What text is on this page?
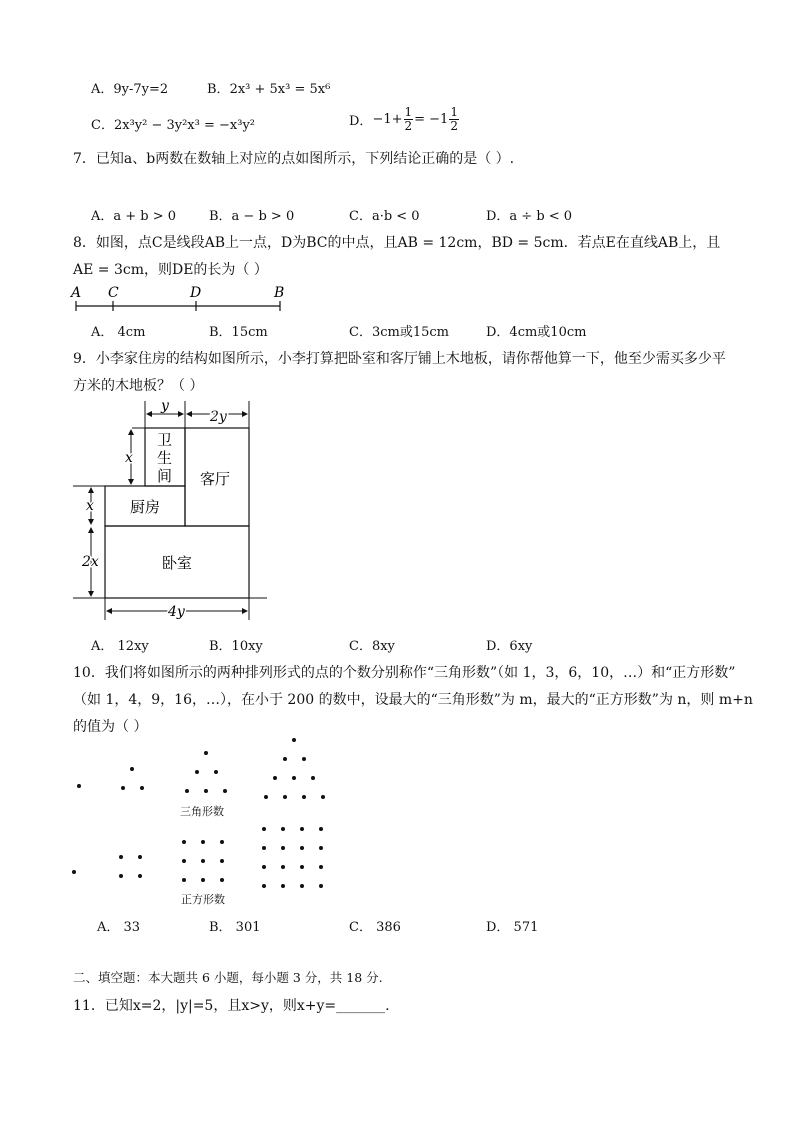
A．9y-7y=2	B．2x³ + 5x³ = 5x⁶
C．2x³y² − 3y²x³ = −x³y²	D．$-1+ \frac{1}{2} = -1 \frac{1}{2}$
7．已知a、b两数在数轴上对应的点如图所示，下列结论正确的是（ ）.
A．a + b > 0	B．a − b > 0	C．a·b < 0	D．a ÷ b < 0
8．如图，点C是线段AB上一点，D为BC的中点，且AB = 12cm，BD = 5cm．若点E在直线AB上，且
AE = 3cm，则DE的长为（ ）
A C	D	B
A． 4cm	B．15cm	C．3cm或15cm	D．4cm或10cm
9．小李家住房的结构如图所示，小李打算把卧室和客厅铺上木地板，请你帮他算一下，他至少需买多少平
方米的木地板？（ ）
y
2y
x
x
2x
4y
卫
生
间 客厅
厨房
卧室
A． 12xy	B．10xy	C．8xy	D．6xy
10．我们将如图所示的两种排列形式的点的个数分别称作“三角形数”（如 1，3，6，10，…）和“正方形数”
（如 1，4，9，16，…），在小于 200 的数中，设最大的“三角形数”为 m，最大的“正方形数”为 n，则 m+n
的值为（ ）
三角形数
正方形数
A． 33	B． 301	C． 386	D． 571
二、填空题：本大题共 6 小题，每小题 3 分，共 18 分.
11．已知x=2，|y|=5，且x>y，则x+y=_______.
